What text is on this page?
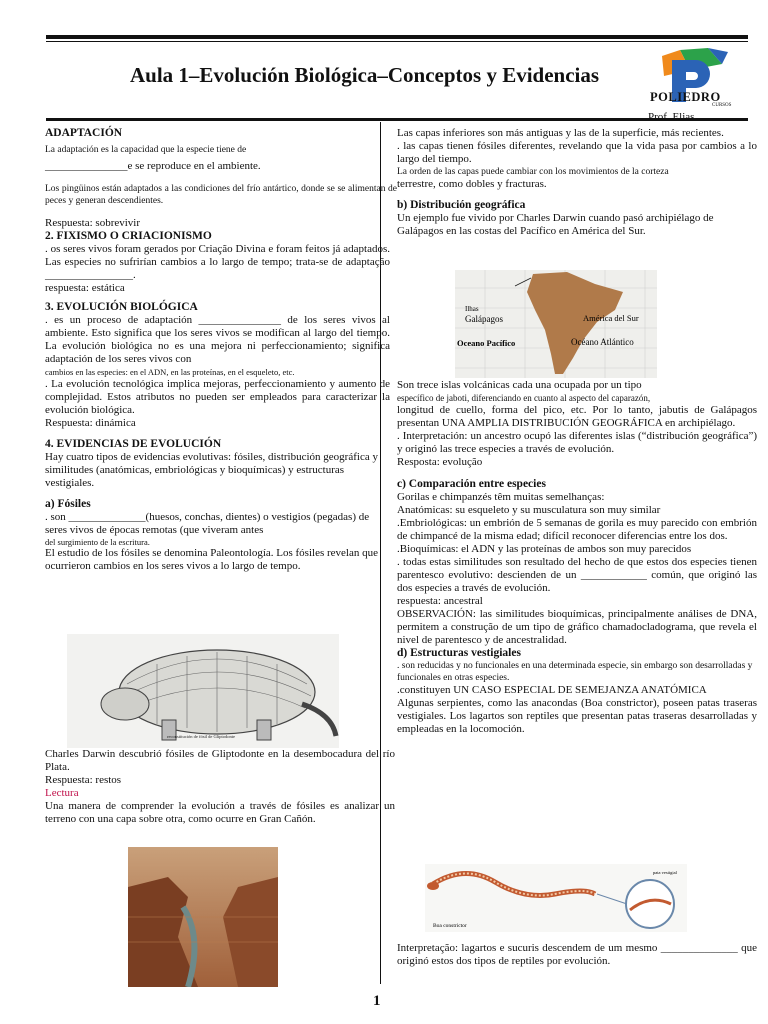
Aula 1–Evolución Biológica–Conceptos y Evidencias
POLIEDRO
CURSOS
Prof. Elias

ADAPTACIÓN

La adaptación es la capacidad que la especie tiene de

_______________e se reproduce en el ambiente.

Los pingüinos están adaptados a las condiciones del frío antártico, donde se se alimentan de peces y generan descendientes.

Respuesta: sobrevivir

2. FIXISMO O CRIACIONISMO

. os seres vivos foram gerados por Criação Divina e foram feitos já adaptados. Las especies no sufrirían cambios a lo largo de tempo; trata-se de adaptação ________________.

respuesta: estática

3. EVOLUCIÓN BIOLÓGICA

. es un proceso de adaptación _______________ de los seres vivos al ambiente. Esto significa que los seres vivos se modifican al largo del tiempo. La evolución biológica no es una mejora ni perfeccionamiento; significa adaptación de los seres vivos con

cambios en las especies: en el ADN, en las proteínas, en el esqueleto, etc.

. La evolución tecnológica implica mejoras, perfeccionamiento y aumento de complejidad. Estos atributos no pueden ser empleados para caracterizar la evolución biológica.

Respuesta: dinámica

4. EVIDENCIAS DE EVOLUCIÓN

Hay cuatro tipos de evidencias evolutivas: fósiles, distribución geográfica y similitudes (anatómicas, embriológicas y bioquímicas) y estructuras vestigiales.

a) Fósiles

. son ______________(huesos, conchas, dientes) o vestigios (pegadas) de seres vivos de épocas remotas (que viveram antes

del surgimiento de la escritura.

El estudio de los fósiles se denomina Paleontología. Los fósiles revelan que ocurrieron cambios en los seres vivos a lo largo de tempo.

reconstitución de fósil de Gliptodonte

Charles Darwin descubrió fósiles de Gliptodonte en la desembocadura del río Plata.

Respuesta: restos

Lectura

Una manera de comprender la evolución a través de fósiles es analizar un terreno con una capa sobre otra, como ocurre en Gran Cañón.

Las capas inferiores son más antiguas y las de la superficie, más recientes.

. las capas tienen fósiles diferentes, revelando que la vida pasa por cambios a lo largo del tiempo.

La orden de las capas puede cambiar con los movimientos de la corteza

terrestre, como dobles y fracturas.

b) Distribución geográfica

Un ejemplo fue vivido por Charles Darwin cuando pasó archipiélago de Galápagos en las costas del Pacífico en América del Sur.

Ilhas
Galápagos	América del Sur
Oceano Pacífico	Océano Atlántico

Son trece islas volcánicas cada una ocupada por un tipo

específico de jaboti, diferenciando en cuanto al aspecto del caparazón,

longitud de cuello, forma del pico, etc. Por lo tanto, jabutis de Galápagos presentan UNA AMPLIA DISTRIBUCIÓN GEOGRÁFICA en archipiélago.

. Interpretación: un ancestro ocupó las diferentes islas (“distribución geográfica”) y originó las trece especies a través de evolución.

Resposta: evolução

c) Comparación entre especies

Gorilas e chimpanzés têm muitas semelhanças:

Anatómicas: su esqueleto y su musculatura son muy similar

.Embriológicas: un embrión de 5 semanas de gorila es muy parecido con embrión de chimpancé de la misma edad; difícil reconocer diferencias entre los dos.

.Bioquímicas: el ADN y las proteínas de ambos son muy parecidos

. todas estas similitudes son resultado del hecho de que estos dos especies tienen parentesco evolutivo: descienden de un ____________ común, que originó las dos especies a través de evolución.

respuesta: ancestral

OBSERVACIÓN: las similitudes bioquímicas, principalmente análises de DNA, permitem a construção de um tipo de gráfico chamadocladograma, que revela el nivel de parentesco y de ancestralidad.

d) Estructuras vestigiales

. son reducidas y no funcionales en una determinada especie, sin embargo son desarrolladas y funcionales en otras especies.

.constituyen UN CASO ESPECIAL DE SEMEJANZA ANATÓMICA

Algunas serpientes, como las anacondas (Boa constrictor), poseen patas traseras vestigiales. Los lagartos son reptiles que presentan patas traseras desarrolladas y empleadas en la locomoción.

Boa constrictor
pata vestigial

Interpretação: lagartos e sucuris descendem de um mesmo ______________ que originó estos dos tipos de reptiles por evolución.

1
